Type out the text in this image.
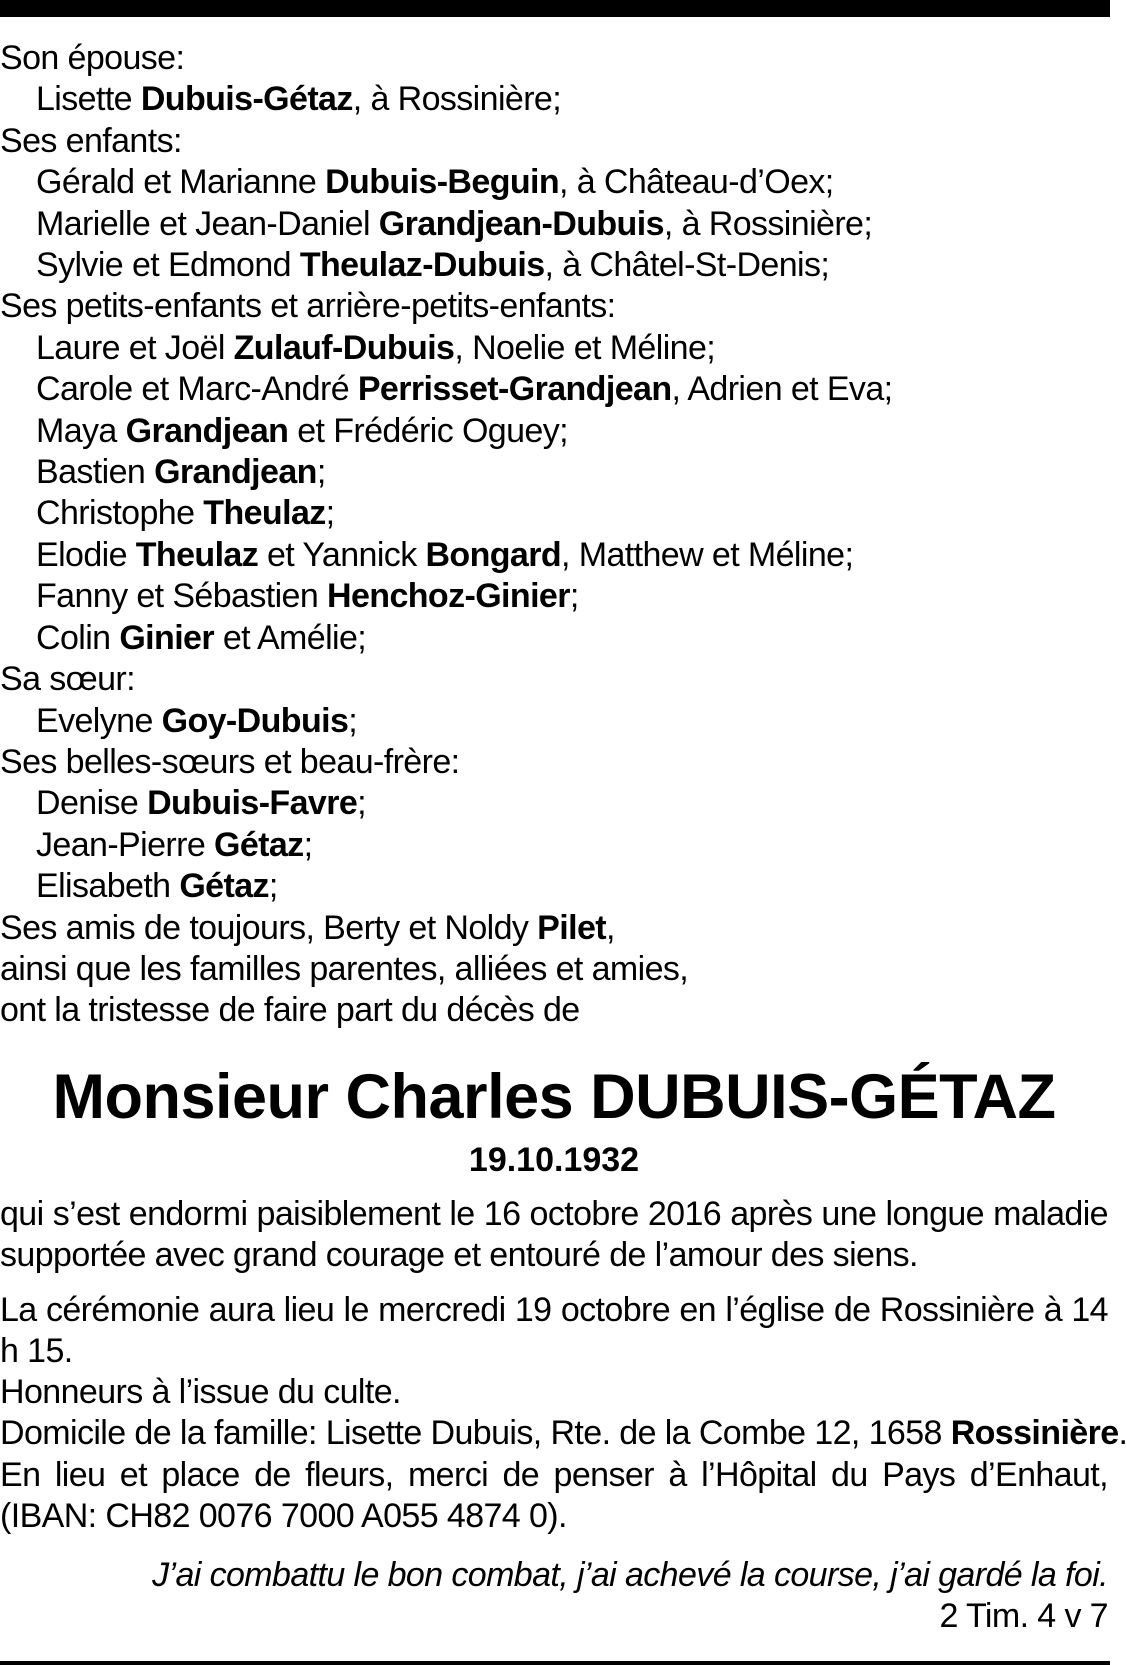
Son épouse:
Lisette Dubuis-Gétaz, à Rossinière;
Ses enfants:
Gérald et Marianne Dubuis-Beguin, à Château-d’Oex;
Marielle et Jean-Daniel Grandjean-Dubuis, à Rossinière;
Sylvie et Edmond Theulaz-Dubuis, à Châtel-St-Denis;
Ses petits-enfants et arrière-petits-enfants:
Laure et Joël Zulauf-Dubuis, Noelie et Méline;
Carole et Marc-André Perrisset-Grandjean, Adrien et Eva;
Maya Grandjean et Frédéric Oguey;
Bastien Grandjean;
Christophe Theulaz;
Elodie Theulaz et Yannick Bongard, Matthew et Méline;
Fanny et Sébastien Henchoz-Ginier;
Colin Ginier et Amélie;
Sa sœur:
Evelyne Goy-Dubuis;
Ses belles-sœurs et beau-frère:
Denise Dubuis-Favre;
Jean-Pierre Gétaz;
Elisabeth Gétaz;
Ses amis de toujours, Berty et Noldy Pilet,
ainsi que les familles parentes, alliées et amies,
ont la tristesse de faire part du décès de
Monsieur Charles DUBUIS-GÉTAZ
19.10.1932
qui s’est endormi paisiblement le 16 octobre 2016 après une longue maladie supportée avec grand courage et entouré de l’amour des siens.
La cérémonie aura lieu le mercredi 19 octobre en l’église de Rossinière à 14 h 15.
Honneurs à l’issue du culte.
Domicile de la famille: Lisette Dubuis, Rte. de la Combe 12, 1658 Rossinière.
En lieu et place de fleurs, merci de penser à l’Hôpital du Pays d’Enhaut, (IBAN: CH82 0076 7000 A055 4874 0).
J’ai combattu le bon combat, j’ai achevé la course, j’ai gardé la foi.
2 Tim. 4 v 7
